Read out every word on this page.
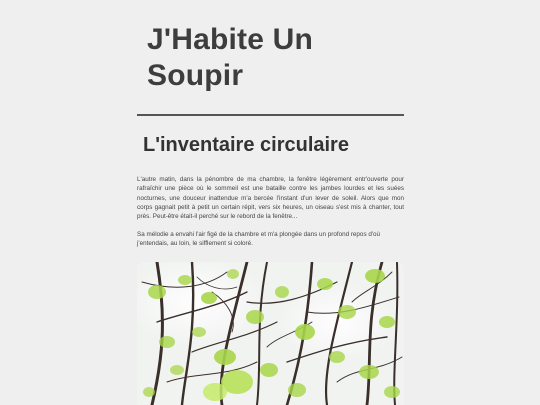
J'Habite Un Soupir
L'inventaire circulaire

L'autre matin, dans la pénombre de ma chambre, la fenêtre légèrement entr'ouverte pour rafraîchir une pièce où le sommeil est une bataille contre les jambes lourdes et les suées nocturnes, une douceur inattendue m'a bercée l'instant d'un lever de soleil. Alors que mon corps gagnait petit à petit un certain répit, vers six heures, un oiseau s'est mis à chanter, tout près. Peut-être était-il perché sur le rebord de la fenêtre...

Sa mélodie a envahi l'air figé de la chambre et m'a plongée dans un profond repos d'où j'entendais, au loin, le sifflement si coloré.
